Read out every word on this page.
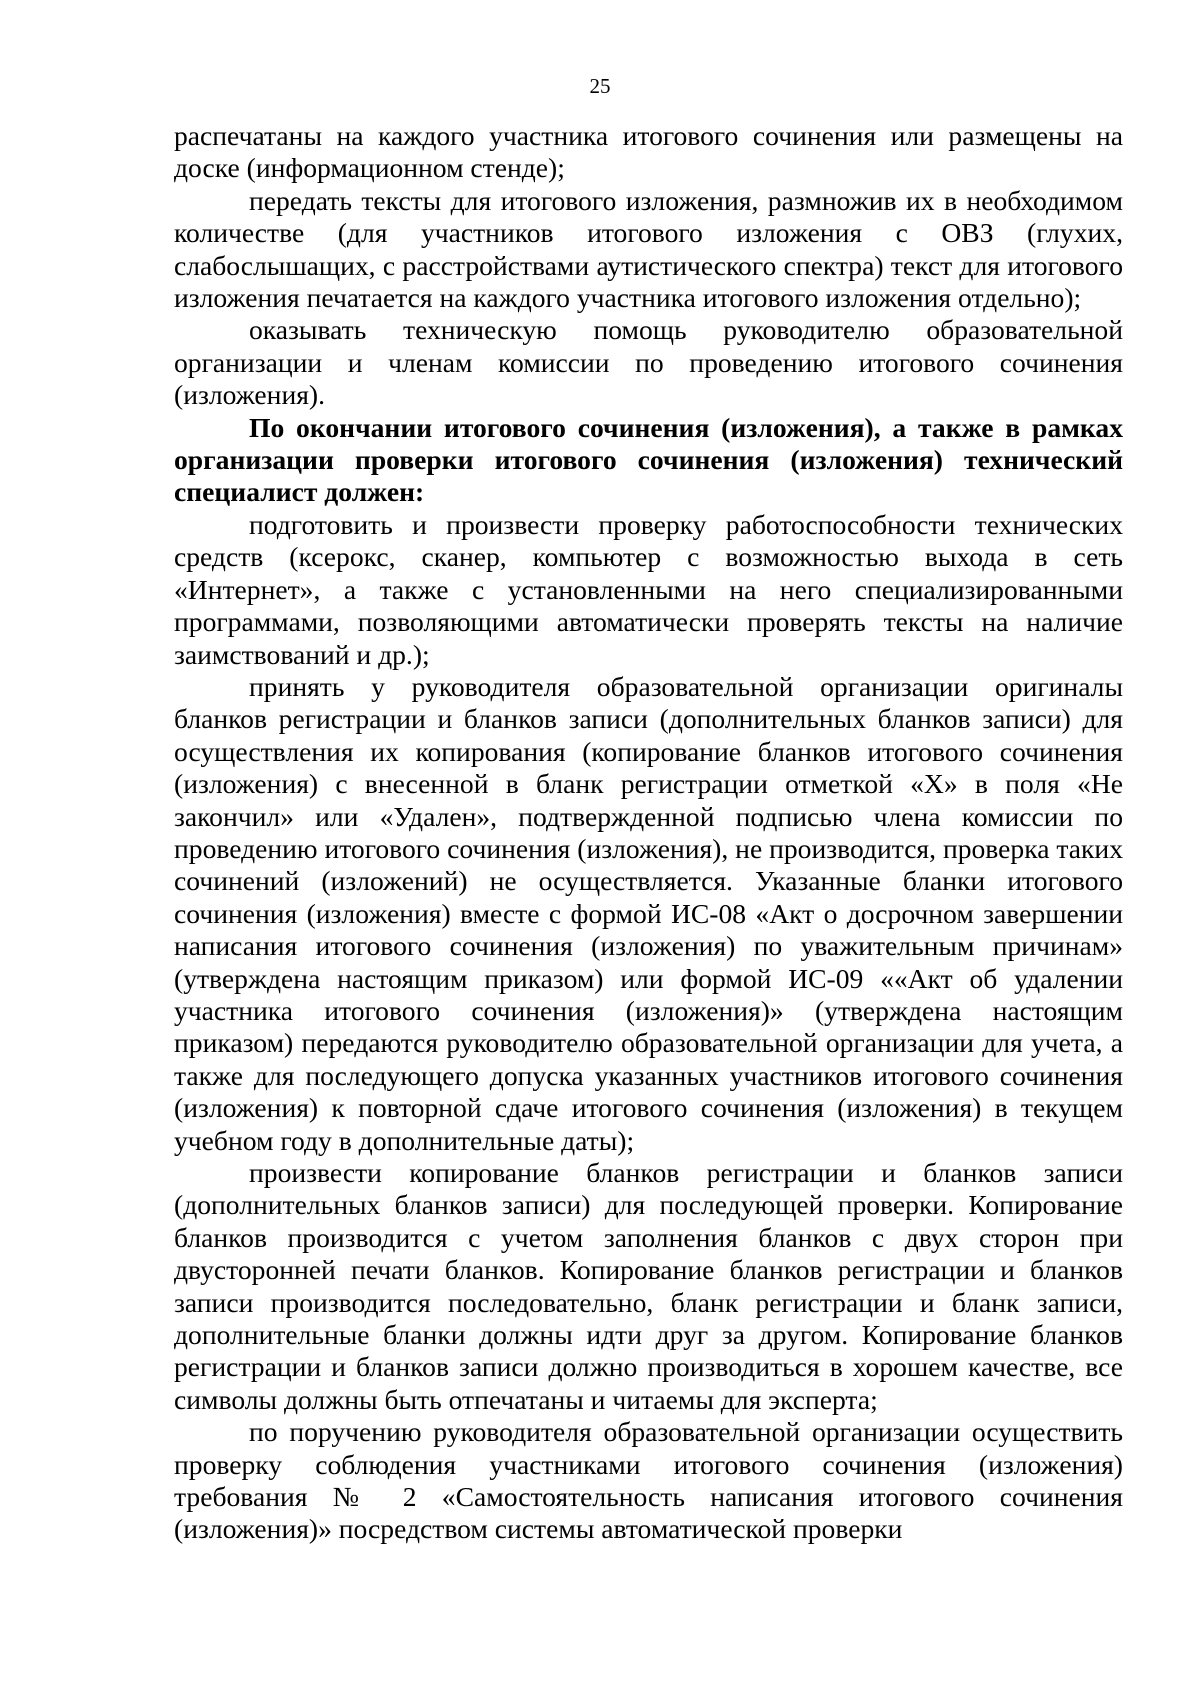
25

распечатаны на каждого участника итогового сочинения или размещены на доске (информационном стенде);

передать тексты для итогового изложения, размножив их в необходимом количестве (для участников итогового изложения с ОВЗ (глухих, слабослышащих, с расстройствами аутистического спектра) текст для итогового изложения печатается на каждого участника итогового изложения отдельно);

оказывать техническую помощь руководителю образовательной организации и членам комиссии по проведению итогового сочинения (изложения).

По окончании итогового сочинения (изложения), а также в рамках организации проверки итогового сочинения (изложения) технический специалист должен:

подготовить и произвести проверку работоспособности технических средств (ксерокс, сканер, компьютер с возможностью выхода в сеть «Интернет», а также с установленными на него специализированными программами, позволяющими автоматически проверять тексты на наличие заимствований и др.);

принять у руководителя образовательной организации оригиналы бланков регистрации и бланков записи (дополнительных бланков записи) для осуществления их копирования (копирование бланков итогового сочинения (изложения) с внесенной в бланк регистрации отметкой «X» в поля «Не закончил» или «Удален», подтвержденной подписью члена комиссии по проведению итогового сочинения (изложения), не производится, проверка таких сочинений (изложений) не осуществляется. Указанные бланки итогового сочинения (изложения) вместе с формой ИС-08 «Акт о досрочном завершении написания итогового сочинения (изложения) по уважительным причинам» (утверждена настоящим приказом) или формой ИС-09 ««Акт об удалении участника итогового сочинения (изложения)» (утверждена настоящим приказом) передаются руководителю образовательной организации для учета, а также для последующего допуска указанных участников итогового сочинения (изложения) к повторной сдаче итогового сочинения (изложения) в текущем учебном году в дополнительные даты);

произвести копирование бланков регистрации и бланков записи (дополнительных бланков записи) для последующей проверки. Копирование бланков производится с учетом заполнения бланков с двух сторон при двусторонней печати бланков. Копирование бланков регистрации и бланков записи производится последовательно, бланк регистрации и бланк записи, дополнительные бланки должны идти друг за другом. Копирование бланков регистрации и бланков записи должно производиться в хорошем качестве, все символы должны быть отпечатаны и читаемы для эксперта;

по поручению руководителя образовательной организации осуществить проверку соблюдения участниками итогового сочинения (изложения) требования № 2 «Самостоятельность написания итогового сочинения (изложения)» посредством системы автоматической проверки
